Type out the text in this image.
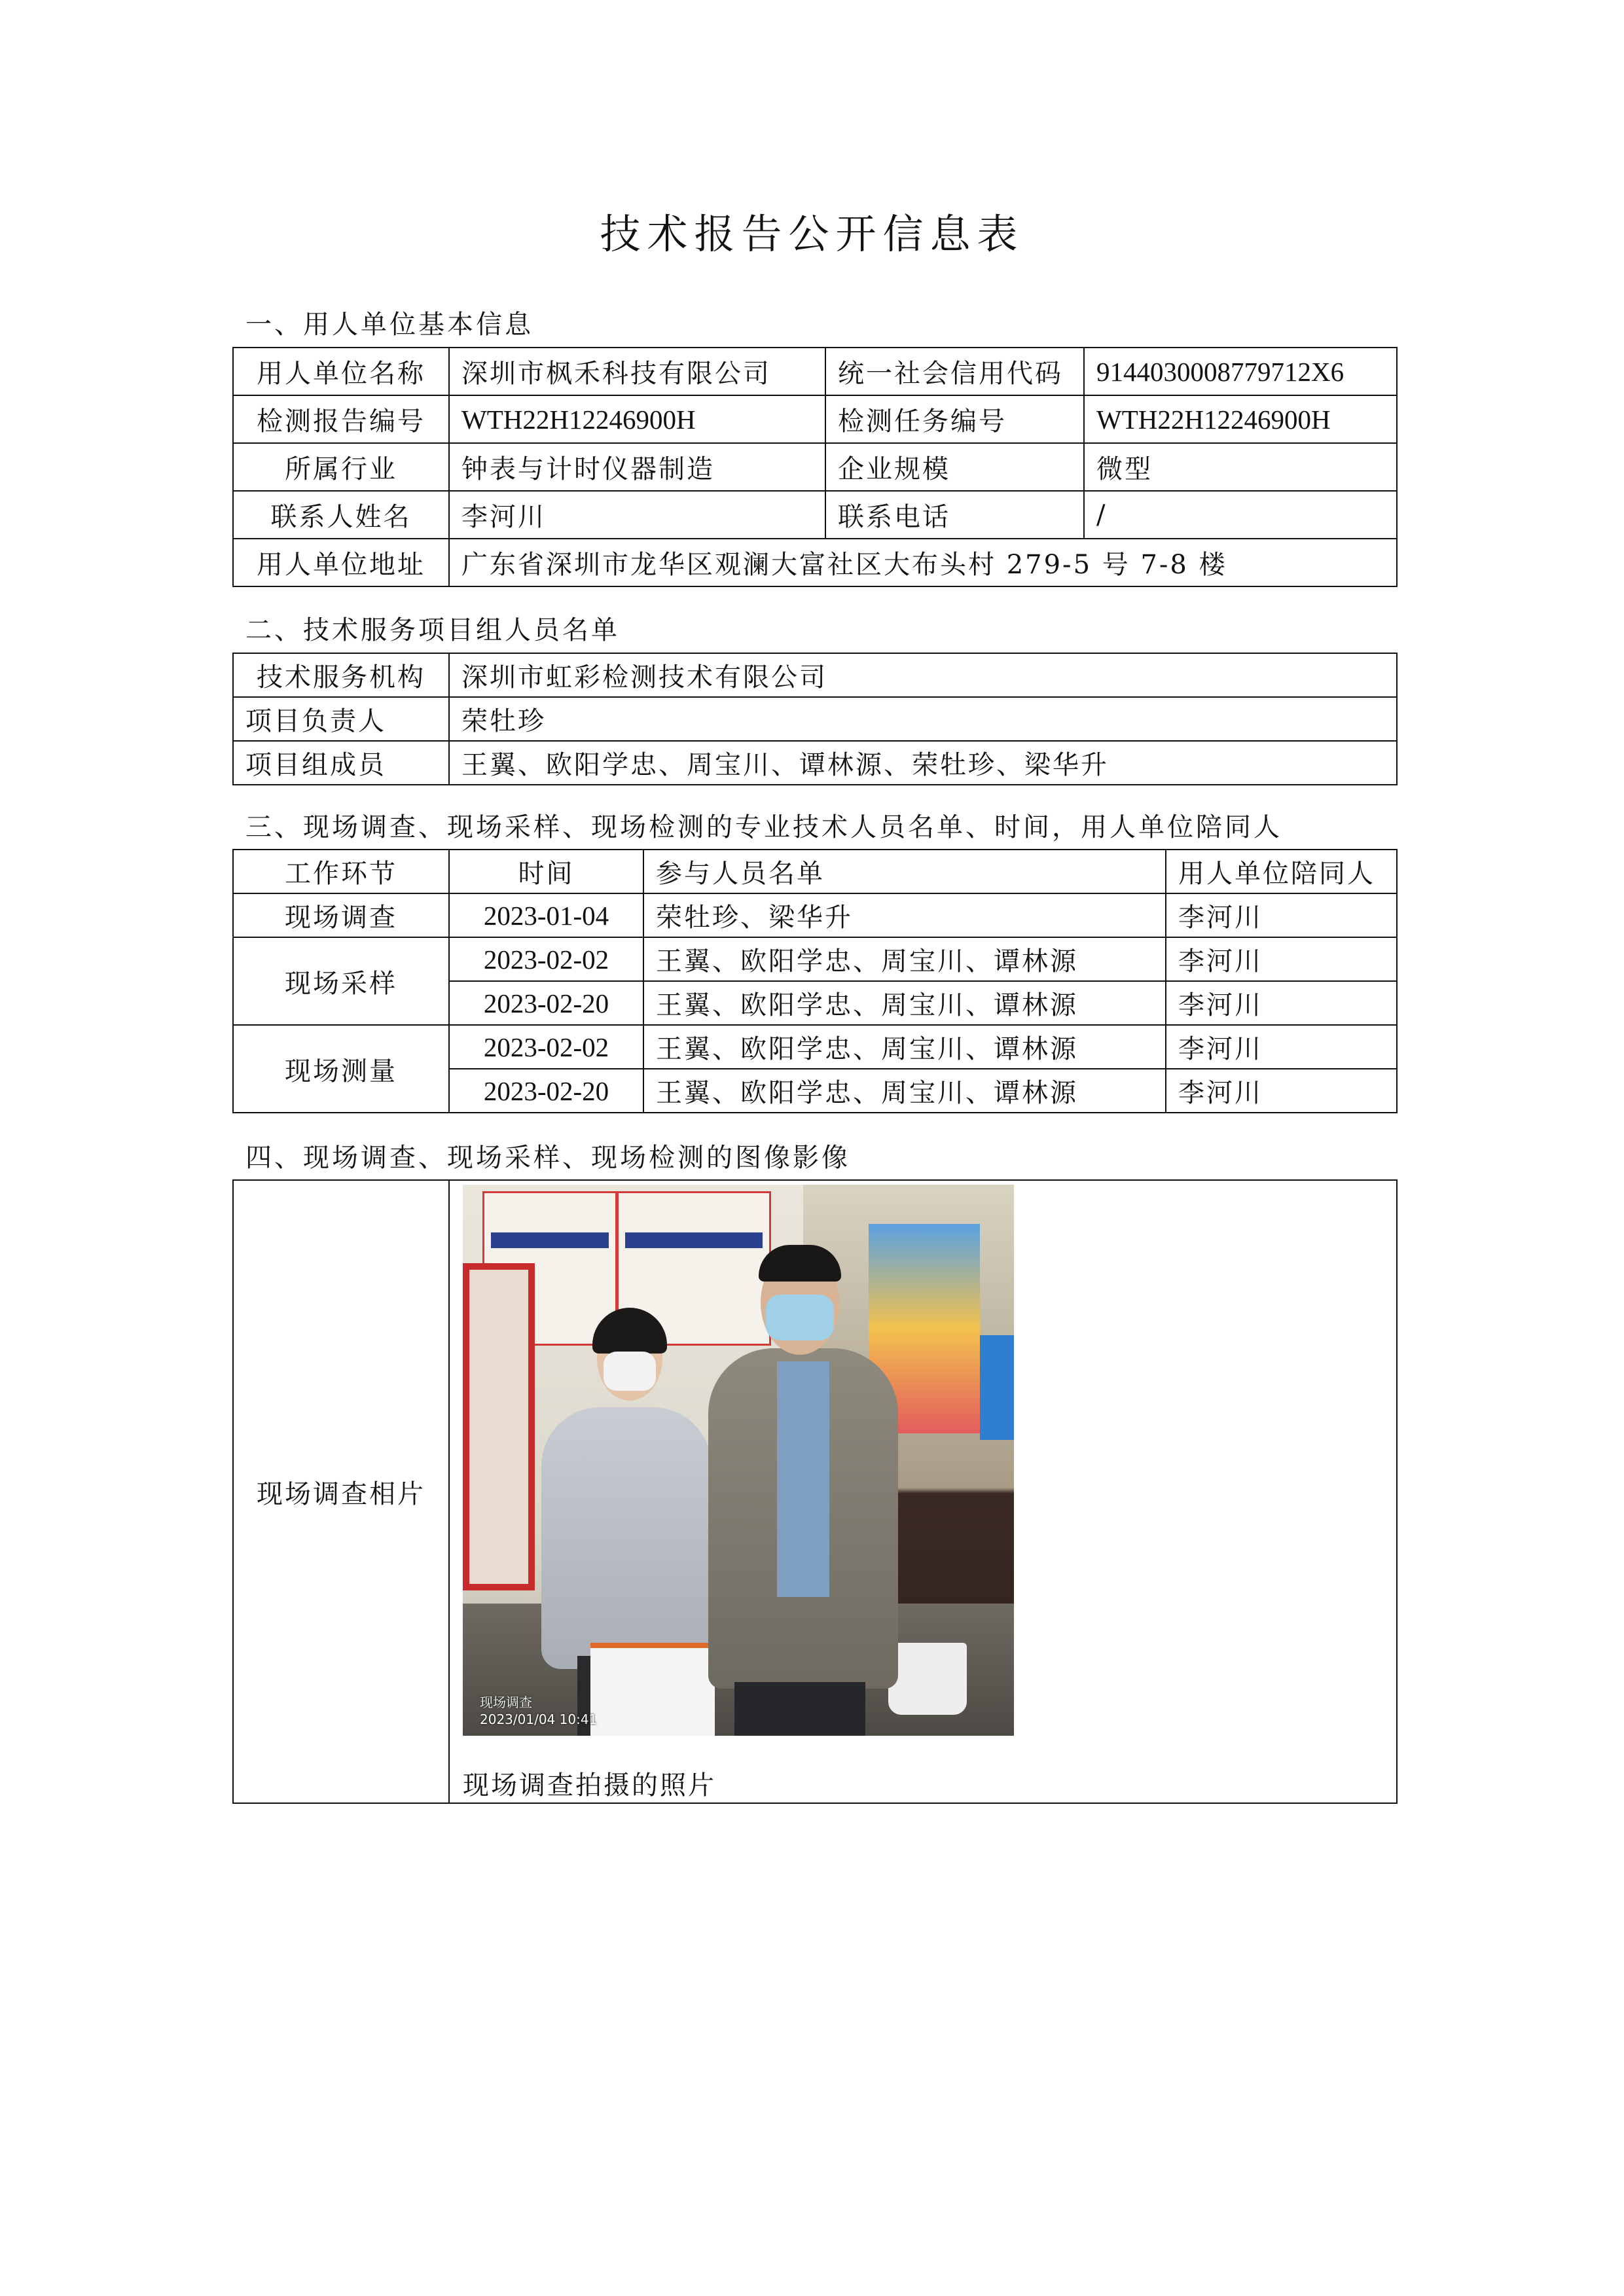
技术报告公开信息表
一、用人单位基本信息
用人单位名称	深圳市枫禾科技有限公司	统一社会信用代码	9144030008779712X6
检测报告编号	WTH22H12246900H	检测任务编号	WTH22H12246900H
所属行业	钟表与计时仪器制造	企业规模	微型
联系人姓名	李河川	联系电话	/
用人单位地址	广东省深圳市龙华区观澜大富社区大布头村 279-5 号 7-8 楼		
二、技术服务项目组人员名单
技术服务机构	深圳市虹彩检测技术有限公司
项目负责人	荣牡珍
项目组成员	王翼、欧阳学忠、周宝川、谭林源、荣牡珍、梁华升
三、现场调查、现场采样、现场检测的专业技术人员名单、时间，用人单位陪同人
工作环节	时间	参与人员名单	用人单位陪同人
现场调查	2023-01-04	荣牡珍、梁华升	李河川
现场采样	2023-02-02	王翼、欧阳学忠、周宝川、谭林源	李河川
	2023-02-20	王翼、欧阳学忠、周宝川、谭林源	李河川
现场测量	2023-02-02	王翼、欧阳学忠、周宝川、谭林源	李河川
	2023-02-20	王翼、欧阳学忠、周宝川、谭林源	李河川
四、现场调查、现场采样、现场检测的图像影像
现场调查相片	
现场调查
2023/01/04 10:41
现场调查拍摄的照片
